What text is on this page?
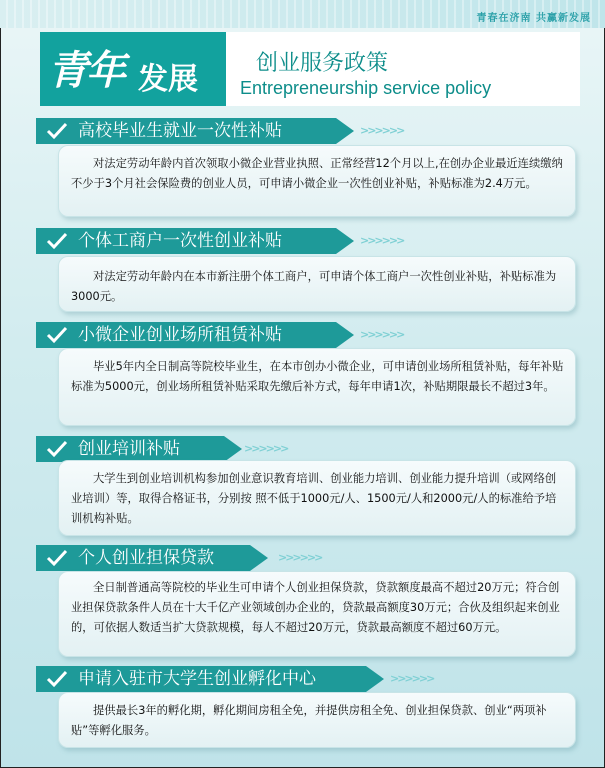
青春在济南 共赢新发展
青年 发展	创业服务政策
Entrepreneurship service policy
高校毕业生就业一次性补贴	>>>>>>
对法定劳动年龄内首次领取小微企业营业执照、正常经营12个月以上,在创办企业最近连续缴纳不少于3个月社会保险费的创业人员，可申请小微企业一次性创业补贴，补贴标准为2.4万元。
个体工商户一次性创业补贴	>>>>>>
对法定劳动年龄内在本市新注册个体工商户，可申请个体工商户一次性创业补贴，补贴标准为3000元。
小微企业创业场所租赁补贴	>>>>>>
毕业5年内全日制高等院校毕业生，在本市创办小微企业，可申请创业场所租赁补贴，每年补贴标准为5000元，创业场所租赁补贴采取先缴后补方式，每年申请1次，补贴期限最长不超过3年。
创业培训补贴	>>>>>>
大学生到创业培训机构参加创业意识教育培训、创业能力培训、创业能力提升培训（或网络创业培训）等，取得合格证书，分别按 照不低于1000元/人、1500元/人和2000元/人的标准给予培训机构补贴。
个人创业担保贷款	>>>>>>
全日制普通高等院校的毕业生可申请个人创业担保贷款，贷款额度最高不超过20万元；符合创业担保贷款条件人员在十大千亿产业领域创办企业的，贷款最高额度30万元；合伙及组织起来创业的，可依据人数适当扩大贷款规模，每人不超过20万元，贷款最高额度不超过60万元。
申请入驻市大学生创业孵化中心	>>>>>>
提供最长3年的孵化期，孵化期间房租全免，并提供房租全免、创业担保贷款、创业“两项补贴”等孵化服务。
